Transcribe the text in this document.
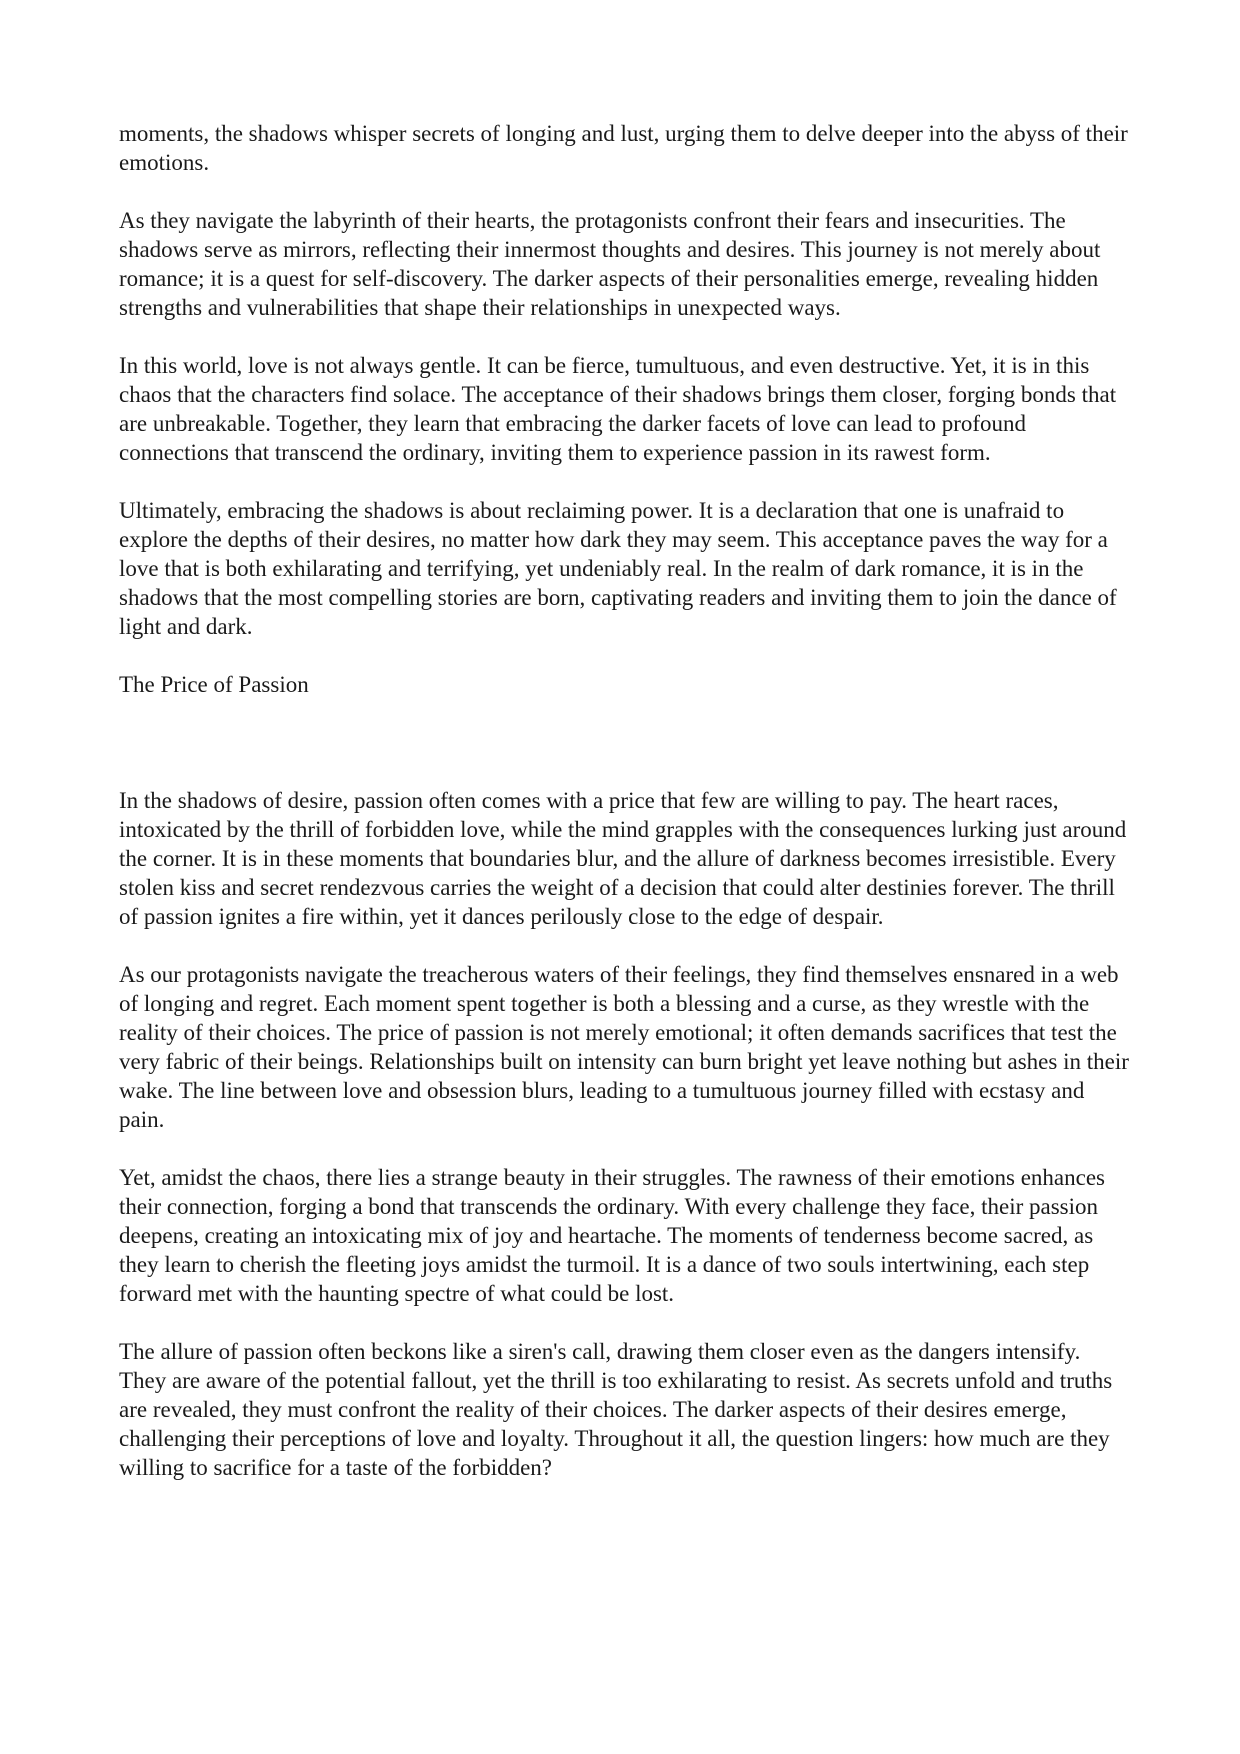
moments, the shadows whisper secrets of longing and lust, urging them to delve deeper into the abyss of their emotions.

As they navigate the labyrinth of their hearts, the protagonists confront their fears and insecurities. The shadows serve as mirrors, reflecting their innermost thoughts and desires. This journey is not merely about romance; it is a quest for self-discovery. The darker aspects of their personalities emerge, revealing hidden strengths and vulnerabilities that shape their relationships in unexpected ways.

In this world, love is not always gentle. It can be fierce, tumultuous, and even destructive. Yet, it is in this chaos that the characters find solace. The acceptance of their shadows brings them closer, forging bonds that are unbreakable. Together, they learn that embracing the darker facets of love can lead to profound connections that transcend the ordinary, inviting them to experience passion in its rawest form.

Ultimately, embracing the shadows is about reclaiming power. It is a declaration that one is unafraid to explore the depths of their desires, no matter how dark they may seem. This acceptance paves the way for a love that is both exhilarating and terrifying, yet undeniably real. In the realm of dark romance, it is in the shadows that the most compelling stories are born, captivating readers and inviting them to join the dance of light and dark.

The Price of Passion

In the shadows of desire, passion often comes with a price that few are willing to pay. The heart races, intoxicated by the thrill of forbidden love, while the mind grapples with the consequences lurking just around the corner. It is in these moments that boundaries blur, and the allure of darkness becomes irresistible. Every stolen kiss and secret rendezvous carries the weight of a decision that could alter destinies forever. The thrill of passion ignites a fire within, yet it dances perilously close to the edge of despair.

As our protagonists navigate the treacherous waters of their feelings, they find themselves ensnared in a web of longing and regret. Each moment spent together is both a blessing and a curse, as they wrestle with the reality of their choices. The price of passion is not merely emotional; it often demands sacrifices that test the very fabric of their beings. Relationships built on intensity can burn bright yet leave nothing but ashes in their wake. The line between love and obsession blurs, leading to a tumultuous journey filled with ecstasy and pain.

Yet, amidst the chaos, there lies a strange beauty in their struggles. The rawness of their emotions enhances their connection, forging a bond that transcends the ordinary. With every challenge they face, their passion deepens, creating an intoxicating mix of joy and heartache. The moments of tenderness become sacred, as they learn to cherish the fleeting joys amidst the turmoil. It is a dance of two souls intertwining, each step forward met with the haunting spectre of what could be lost.

The allure of passion often beckons like a siren's call, drawing them closer even as the dangers intensify. They are aware of the potential fallout, yet the thrill is too exhilarating to resist. As secrets unfold and truths are revealed, they must confront the reality of their choices. The darker aspects of their desires emerge, challenging their perceptions of love and loyalty. Throughout it all, the question lingers: how much are they willing to sacrifice for a taste of the forbidden?
